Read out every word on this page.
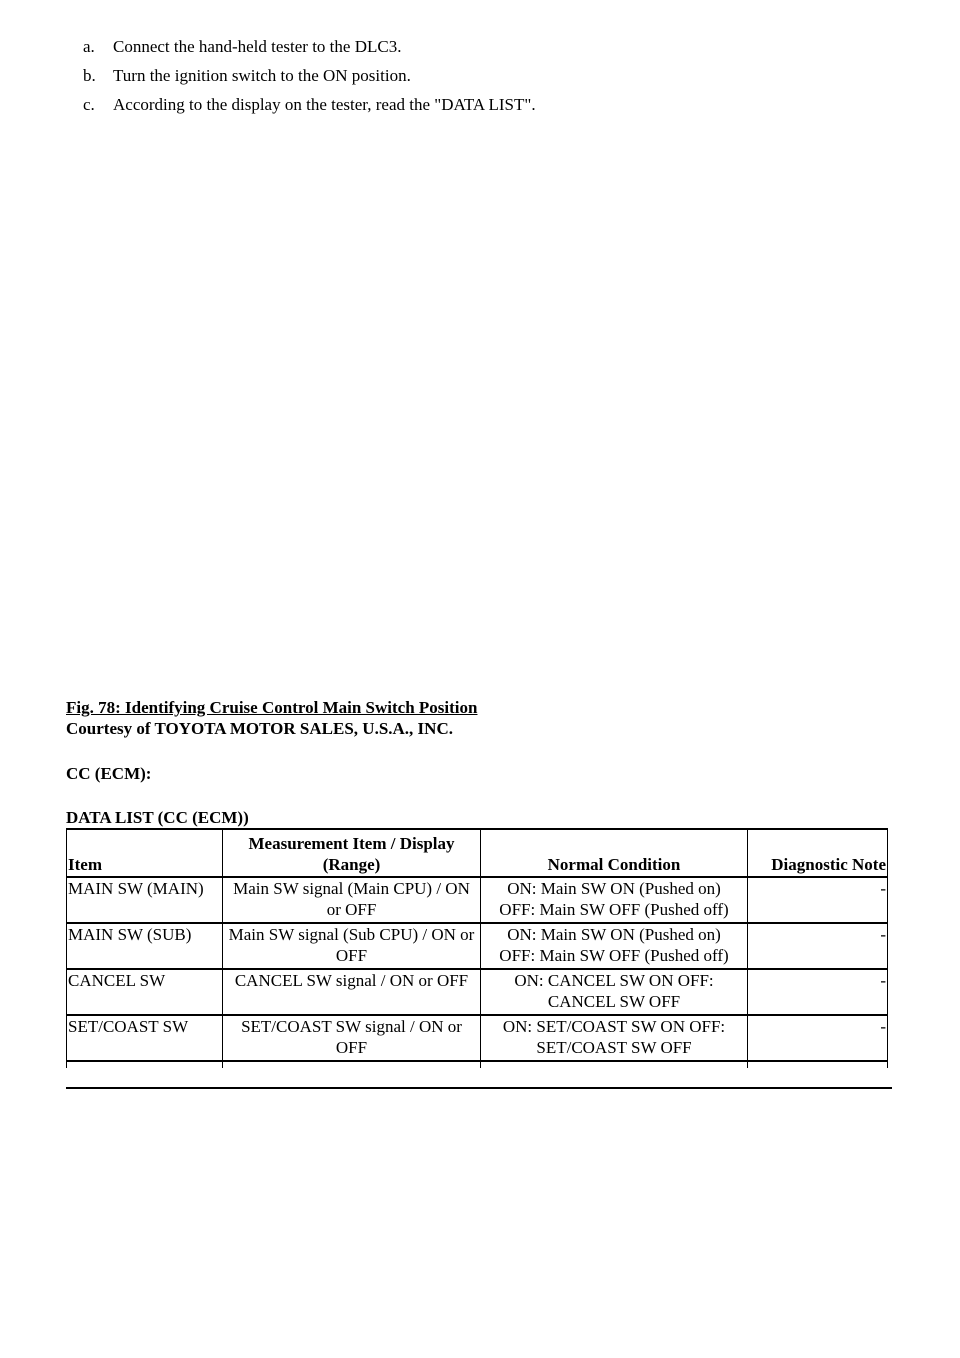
a. Connect the hand-held tester to the DLC3.
b. Turn the ignition switch to the ON position.
c. According to the display on the tester, read the "DATA LIST".
Fig. 78: Identifying Cruise Control Main Switch Position
Courtesy of TOYOTA MOTOR SALES, U.S.A., INC.
CC (ECM):
DATA LIST (CC (ECM))
Item	Measurement Item / Display (Range)	Normal Condition	Diagnostic Note
MAIN SW (MAIN)	Main SW signal (Main CPU) / ON or OFF	ON: Main SW ON (Pushed on)
OFF: Main SW OFF (Pushed off)	-
MAIN SW (SUB)	Main SW signal (Sub CPU) / ON or OFF	ON: Main SW ON (Pushed on)
OFF: Main SW OFF (Pushed off)	-
CANCEL SW	CANCEL SW signal / ON or OFF	ON: CANCEL SW ON OFF:
CANCEL SW OFF	-
SET/COAST SW	SET/COAST SW signal / ON or OFF	ON: SET/COAST SW ON OFF:
SET/COAST SW OFF	-
